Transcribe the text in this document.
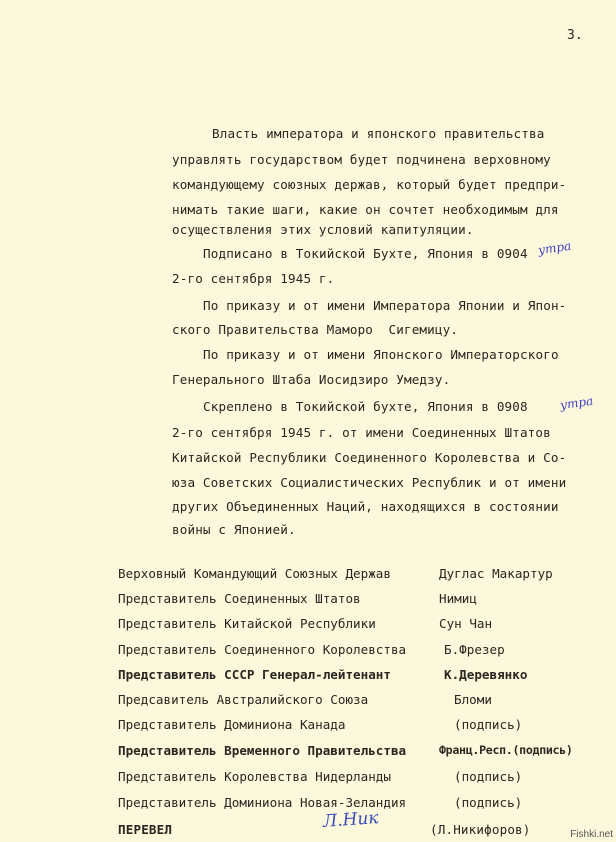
3.
Власть императора и японского правительства
управлять государством будет подчинена верховному
командующему союзных держав, который будет предпри-
нимать такие шаги, какие он сочтет необходимым для
осуществления этих условий капитуляции.
Подписано в Токийской Бухте, Япония в 0904 утра
2-го сентября 1945 г.
По приказу и от имени Императора Японии и Япон-
ского Правительства Маморо  Сигемицу.
По приказу и от имени Японского Императорского
Генерального Штаба Иосидзиро Умедзу.
Скреплено в Токийской бухте, Япония в 0908	утра
2-го сентября 1945 г. от имени Соединенных Штатов
Китайской Республики Соединенного Королевства и Со-
юза Советских Социалистических Республик и от имени
других Объединенных Наций, находящихся в состоянии
войны с Японией.
Верховный Командующий Союзных Держав	Дуглас Макартур
Представитель Соединенных Штатов	Нимиц
Представитель Китайской Республики	Сун Чан
Представитель Соединенного Королевства	Б.Фрезер
Представитель СССР Генерал-лейтенант	К.Деревянко
Предсавитель Австралийского Союза	Бломи
Представитель Доминиона Канада	(подпись)
Представитель Временного Правительства	Франц.Респ.(подпись)
Представитель Королевства Нидерланды	(подпись)
Представитель Доминиона Новая-Зеландия	(подпись)
ПЕРЕВЕЛ	Л.Ник	(Л.Никифоров)	Fishki.net
